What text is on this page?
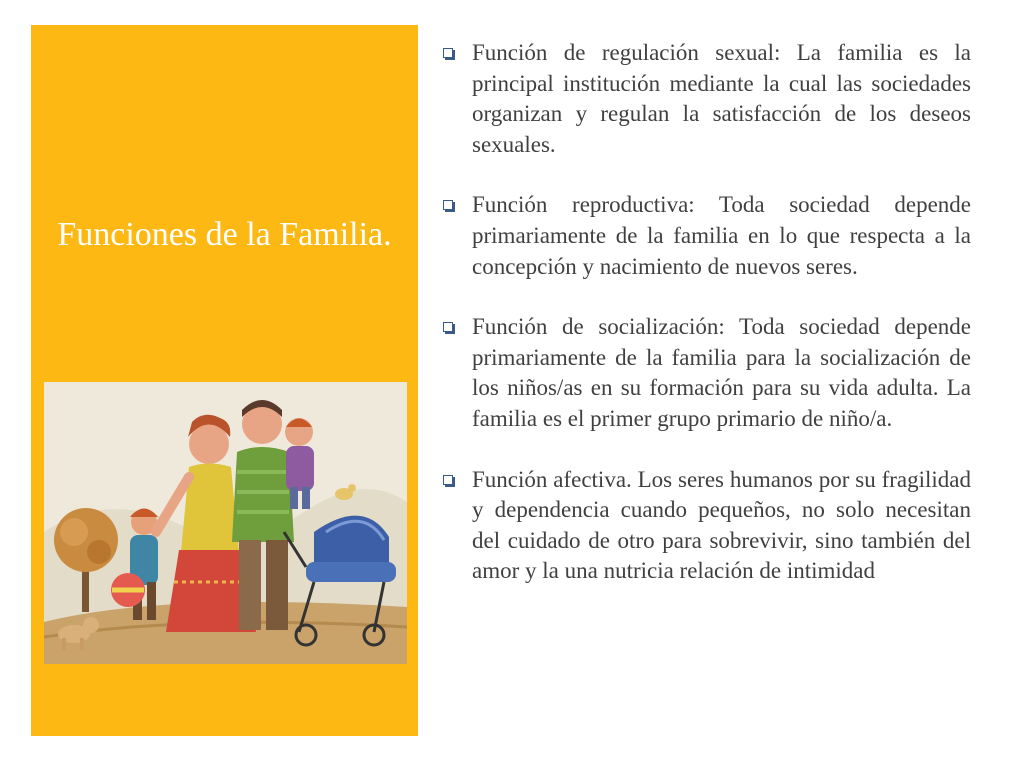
Funciones de la Familia.
Función de regulación sexual: La familia es la principal institución mediante la cual las sociedades organizan y regulan la satisfacción de los deseos sexuales.
Función reproductiva: Toda sociedad depende primariamente de la familia en lo que respecta a la concepción y nacimiento de nuevos seres.
Función de socialización: Toda sociedad depende primariamente de la familia para la socialización de los niños/as en su formación para su vida adulta. La familia es el primer grupo primario de niño/a.
Función afectiva. Los seres humanos por su fragilidad y dependencia cuando pequeños, no solo necesitan del cuidado de otro para sobrevivir, sino también del amor y la una nutricia relación de intimidad
